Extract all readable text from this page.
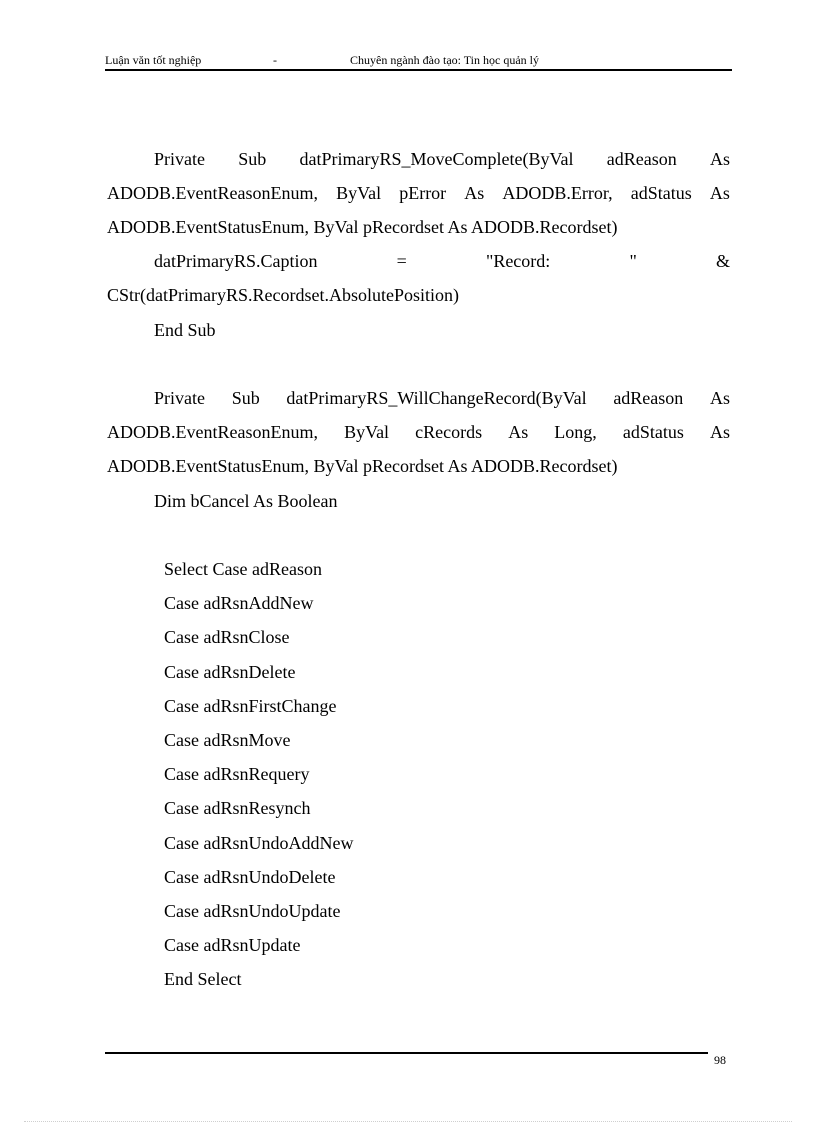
Luận văn tốt nghiệp	-	Chuyên ngành đào tạo: Tin học quản lý
Private Sub datPrimaryRS_MoveComplete(ByVal adReason As
ADODB.EventReasonEnum, ByVal pError As ADODB.Error, adStatus As
ADODB.EventStatusEnum, ByVal pRecordset As ADODB.Recordset)
datPrimaryRS.Caption	=	"Record:	"	&
CStr(datPrimaryRS.Recordset.AbsolutePosition)
End Sub
Private Sub datPrimaryRS_WillChangeRecord(ByVal adReason As
ADODB.EventReasonEnum, ByVal cRecords As Long, adStatus As
ADODB.EventStatusEnum, ByVal pRecordset As ADODB.Recordset)
Dim bCancel As Boolean
Select Case adReason
Case adRsnAddNew
Case adRsnClose
Case adRsnDelete
Case adRsnFirstChange
Case adRsnMove
Case adRsnRequery
Case adRsnResynch
Case adRsnUndoAddNew
Case adRsnUndoDelete
Case adRsnUndoUpdate
Case adRsnUpdate
End Select
98
